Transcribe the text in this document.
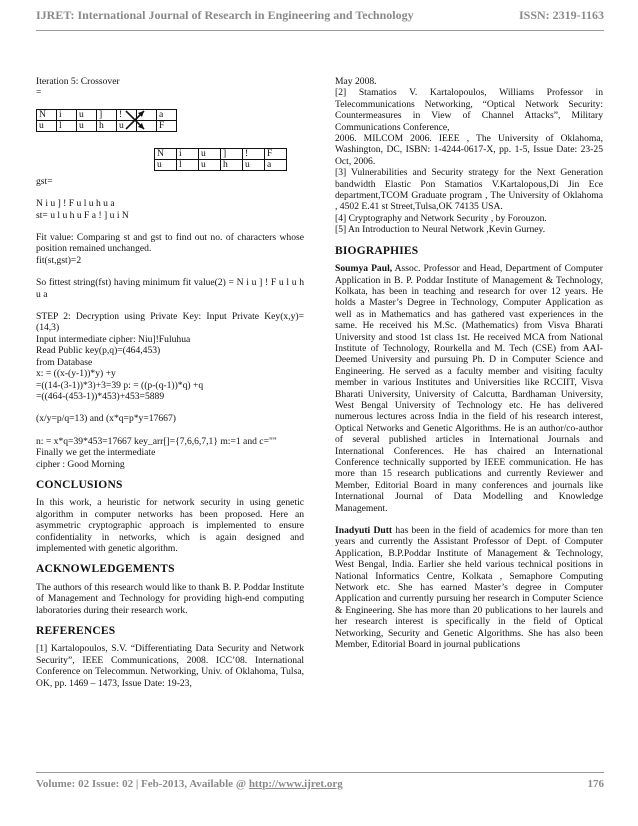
IJRET: International Journal of Research in Engineering and Technology	ISSN: 2319-1163

Iteration 5: Crossover

=

N	i	u	]	!		a
u	l	u	h	u		F
N	i	u	]	!	F
u	l	u	h	u	a

gst=

N i u ] ! F u l u h u a

st= u l u h u F a ! ] u i N

Fit value: Comparing st and gst to find out no. of characters whose position remained unchanged.

fit(st,gst)=2

So fittest string(fst) having minimum fit value(2) = N i u ] ! F u l u h u a

STEP 2: Decryption using Private Key: Input Private Key(x,y)=(14,3)

Input intermediate cipher: Niu]!Fuluhua

Read Public key(p,q)=(464,453)

from Database

x: = ((x-(y-1))*y) +y

=((14-(3-1))*3)+3=39 p: = ((p-(q-1))*q) +q

=((464-(453-1))*453)+453=5889

(x/y=p/q=13) and (x*q=p*y=17667)

n: = x*q=39*453=17667 key_arr[]={7,6,6,7,1} m:=1 and c=""

Finally we get the intermediate

cipher : Good Morning

CONCLUSIONS

In this work, a heuristic for network security in using genetic algorithm in computer networks has been proposed. Here an asymmetric cryptographic approach is implemented to ensure confidentiality in networks, which is again designed and implemented with genetic algorithm.

ACKNOWLEDGEMENTS

The authors of this research would like to thank B. P. Poddar Institute of Management and Technology for providing high-end computing laboratories during their research work.

REFERENCES

[1] Kartalopoulos, S.V. “Differentiating Data Security and Network Security”, IEEE Communications, 2008. ICC’08. International Conference on Telecommun. Networking, Univ. of Oklahoma, Tulsa, OK, pp. 1469 – 1473, Issue Date: 19-23,

May 2008.

[2] Stamatios V. Kartalopoulos, Williams Professor in Telecommunications Networking, “Optical Network Security: Countermeasures in View of Channel Attacks”, Military Communications Conference,

2006. MILCOM 2006. IEEE , The University of Oklahoma, Washington, DC, ISBN: 1-4244-0617-X, pp. 1-5, Issue Date: 23-25 Oct, 2006.

[3] Vulnerabilities and Security strategy for the Next Generation bandwidth Elastic Pon Stamatios V.Kartalopous,Di Jin Ece department,TCOM Graduate program , The University of Oklahoma , 4502 E.41 st Street,Tulsa,OK 74135 USA.

[4] Cryptography and Network Security , by Forouzon.

[5] An Introduction to Neural Network ,Kevin Gurney.

BIOGRAPHIES

Soumya Paul, Assoc. Professor and Head, Department of Computer Application in B. P. Poddar Institute of Management & Technology, Kolkata, has been in teaching and research for over 12 years. He holds a Master’s Degree in Technology, Computer Application as well as in Mathematics and has gathered vast experiences in the same. He received his M.Sc. (Mathematics) from Visva Bharati University and stood 1st class 1st. He received MCA from National Institute of Technology, Rourkella and M. Tech (CSE) from AAI-Deemed University and pursuing Ph. D in Computer Science and Engineering. He served as a faculty member and visiting faculty member in various Institutes and Universities like RCCIIT, Visva Bharati University, University of Calcutta, Bardhaman University, West Bengal University of Technology etc. He has delivered numerous lectures across India in the field of his research interest, Optical Networks and Genetic Algorithms. He is an author/co-author of several published articles in International Journals and International Conferences. He has chaired an International Conference technically supported by IEEE communication. He has more than 15 research publications and currently Reviewer and Member, Editorial Board in many conferences and journals like International Journal of Data Modelling and Knowledge Management.

Inadyuti Dutt has been in the field of academics for more than ten years and currently the Assistant Professor of Dept. of Computer Application, B.P.Poddar Institute of Management & Technology, West Bengal, India. Earlier she held various technical positions in National Informatics Centre, Kolkata , Semaphore Computing Network etc. She has earned Master’s degree in Computer Application and currently pursuing her research in Computer Science & Engineering. She has more than 20 publications to her laurels and her research interest is specifically in the field of Optical Networking, Security and Genetic Algorithms. She has also been Member, Editorial Board in journal publications

Volume: 02 Issue: 02 | Feb-2013, Available @ http://www.ijret.org	176
